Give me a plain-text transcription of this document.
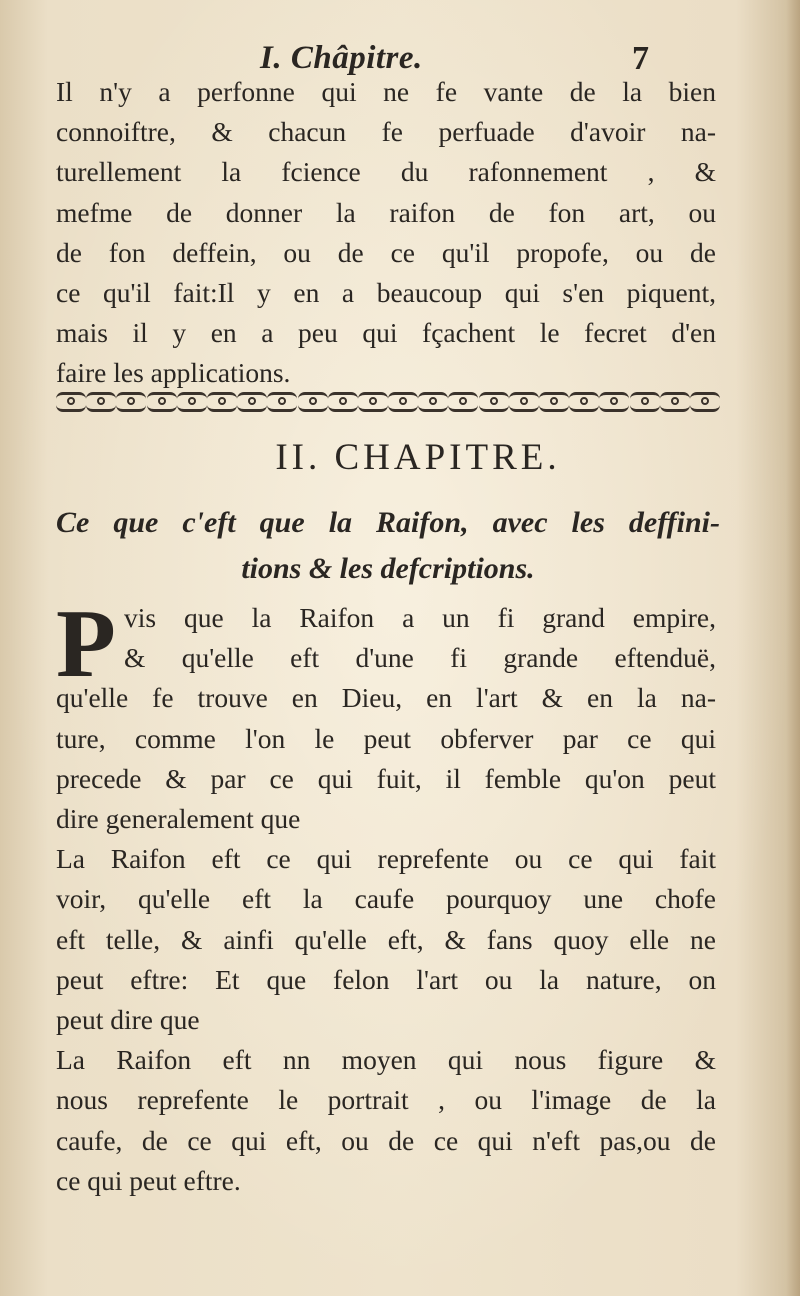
I. Châpitre.	7
Il n'y a perfonne qui ne fe vante de la bien
connoiftre, & chacun fe perfuade d'avoir na-
turellement la fcience du rafonnement , &
mefme de donner la raifon de fon art, ou
de fon deffein, ou de ce qu'il propofe, ou de
ce qu'il fait:Il y en a beaucoup qui s'en piquent,
mais il y en a peu qui fçachent le fecret d'en
faire les applications.
II. CHAPITRE.
Ce que c'eft que la Raifon, avec les deffini-
tions & les defcriptions.
P vis que la Raifon a un fi grand empire,
& qu'elle eft d'une fi grande eftenduë,
qu'elle fe trouve en Dieu, en l'art & en la na-
ture, comme l'on le peut obferver par ce qui
precede & par ce qui fuit, il femble qu'on peut
dire generalement que
La Raifon eft ce qui reprefente ou ce qui fait
voir, qu'elle eft la caufe pourquoy une chofe
eft telle, & ainfi qu'elle eft, & fans quoy elle ne
peut eftre: Et que felon l'art ou la nature, on
peut dire que
La Raifon eft nn moyen qui nous figure &
nous reprefente le portrait , ou l'image de la
caufe, de ce qui eft, ou de ce qui n'eft pas,ou de
ce qui peut eftre.
